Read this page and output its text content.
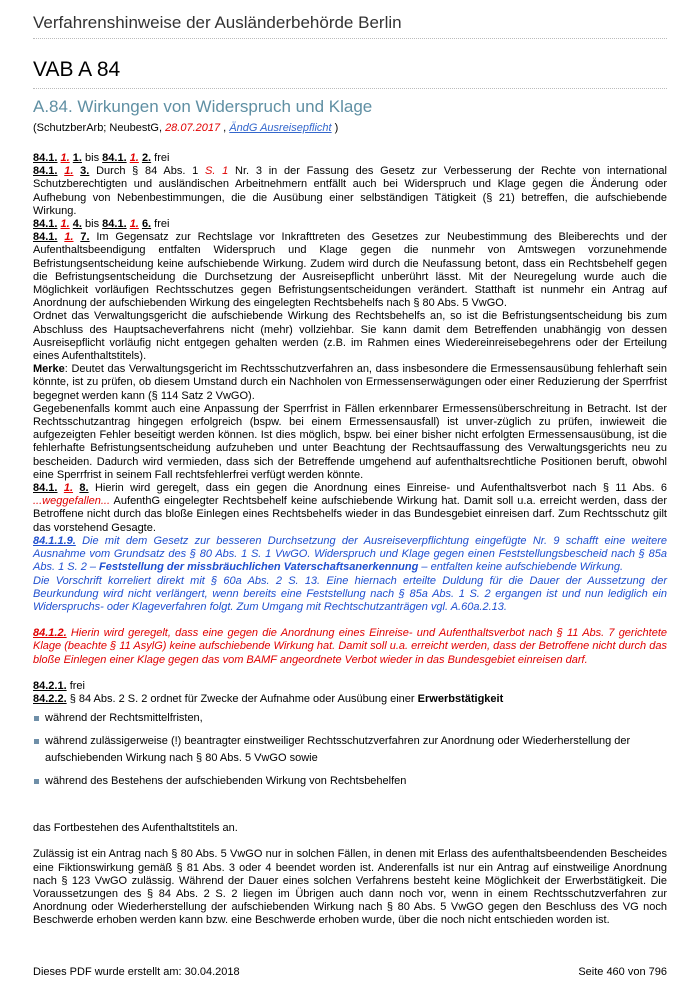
Verfahrenshinweise der Ausländerbehörde Berlin
VAB A 84
A.84. Wirkungen von Widerspruch und Klage
(SchutzberArb; NeubestG, 28.07.2017 , ÄndG Ausreisepflicht )

84.1. 1. 1. bis 84.1. 1. 2. frei

84.1. 1. 3. Durch § 84 Abs. 1 S. 1 Nr. 3 in der Fassung des Gesetz zur Verbesserung der Rechte von international Schutzberechtigten und ausländischen Arbeitnehmern entfällt auch bei Widerspruch und Klage gegen die Änderung oder Aufhebung von Nebenbestimmungen, die die Ausübung einer selbständigen Tätigkeit (§ 21) betreffen, die aufschiebende Wirkung.

84.1. 1. 4. bis 84.1. 1. 6. frei

84.1. 1. 7. Im Gegensatz zur Rechtslage vor Inkrafttreten des Gesetzes zur Neubestimmung des Bleiberechts und der Aufenthaltsbeendigung entfalten Widerspruch und Klage gegen die nunmehr von Amtswegen vorzunehmende Befristungsentscheidung keine aufschiebende Wirkung. Zudem wird durch die Neufassung betont, dass ein Rechtsbehelf gegen die Befristungsentscheidung die Durchsetzung der Ausreisepflicht unberührt lässt. Mit der Neuregelung wurde auch die Möglichkeit vorläufigen Rechtsschutzes gegen Befristungsentscheidungen verändert. Statthaft ist nunmehr ein Antrag auf Anordnung der aufschiebenden Wirkung des eingelegten Rechtsbehelfs nach § 80 Abs. 5 VwGO.

Ordnet das Verwaltungsgericht die aufschiebende Wirkung des Rechtsbehelfs an, so ist die Befristungsentscheidung bis zum Abschluss des Hauptsacheverfahrens nicht (mehr) vollziehbar. Sie kann damit dem Betreffenden unabhängig von dessen Ausreisepflicht vorläufig nicht entgegen gehalten werden (z.B. im Rahmen eines Wiedereinreisebegehrens oder der Erteilung eines Aufenthaltstitels).

Merke: Deutet das Verwaltungsgericht im Rechtsschutzverfahren an, dass insbesondere die Ermessensausübung fehlerhaft sein könnte, ist zu prüfen, ob diesem Umstand durch ein Nachholen von Ermessenserwägungen oder einer Reduzierung der Sperrfrist begegnet werden kann (§ 114 Satz 2 VwGO).

Gegebenenfalls kommt auch eine Anpassung der Sperrfrist in Fällen erkennbarer Ermessensüberschreitung in Betracht. Ist der Rechtsschutzantrag hingegen erfolgreich (bspw. bei einem Ermessensausfall) ist unver-züglich zu prüfen, inwieweit die aufgezeigten Fehler beseitigt werden können. Ist dies möglich, bspw. bei einer bisher nicht erfolgten Ermessensausübung, ist die fehlerhafte Befristungsentscheidung aufzuheben und unter Beachtung der Rechtsauffassung des Verwaltungsgerichts neu zu bescheiden. Dadurch wird vermieden, dass sich der Betreffende umgehend auf aufenthaltsrechtliche Positionen beruft, obwohl eine Sperrfrist in seinem Fall rechtsfehlerfrei verfügt werden könnte.

84.1. 1. 8. Hierin wird geregelt, dass ein gegen die Anordnung eines Einreise- und Aufenthaltsverbot nach § 11 Abs. 6 ...weggefallen... AufenthG eingelegter Rechtsbehelf keine aufschiebende Wirkung hat. Damit soll u.a. erreicht werden, dass der Betroffene nicht durch das bloße Einlegen eines Rechtsbehelfs wieder in das Bundesgebiet einreisen darf. Zum Rechtsschutz gilt das vorstehend Gesagte.

84.1.1.9. Die mit dem Gesetz zur besseren Durchsetzung der Ausreiseverpflichtung eingefügte Nr. 9 schafft eine weitere Ausnahme vom Grundsatz des § 80 Abs. 1 S. 1 VwGO. Widerspruch und Klage gegen einen Feststellungsbescheid nach § 85a Abs. 1 S. 2 – Feststellung der missbräuchlichen Vaterschaftsanerkennung – entfalten keine aufschiebende Wirkung.

Die Vorschrift korreliert direkt mit § 60a Abs. 2 S. 13. Eine hiernach erteilte Duldung für die Dauer der Aussetzung der Beurkundung wird nicht verlängert, wenn bereits eine Feststellung nach § 85a Abs. 1 S. 2 ergangen ist und nun lediglich ein Widerspruchs- oder Klageverfahren folgt. Zum Umgang mit Rechtschutzanträgen vgl. A.60a.2.13.

84.1.2. Hierin wird geregelt, dass eine gegen die Anordnung eines Einreise- und Aufenthaltsverbot nach § 11 Abs. 7 gerichtete Klage (beachte § 11 AsylG) keine aufschiebende Wirkung hat. Damit soll u.a. erreicht werden, dass der Betroffene nicht durch das bloße Einlegen einer Klage gegen das vom BAMF angeordnete Verbot wieder in das Bundesgebiet einreisen darf.

84.2.1. frei

84.2.2. § 84 Abs. 2 S. 2 ordnet für Zwecke der Aufnahme oder Ausübung einer Erwerbstätigkeit

während der Rechtsmittelfristen,
während zulässigerweise (!) beantragter einstweiliger Rechtsschutzverfahren zur Anordnung oder Wiederherstellung der aufschiebenden Wirkung nach § 80 Abs. 5 VwGO sowie
während des Bestehens der aufschiebenden Wirkung von Rechtsbehelfen

das Fortbestehen des Aufenthaltstitels an.

Zulässig ist ein Antrag nach § 80 Abs. 5 VwGO nur in solchen Fällen, in denen mit Erlass des aufenthaltsbeendenden Bescheides eine Fiktionswirkung gemäß § 81 Abs. 3 oder 4 beendet worden ist. Anderenfalls ist nur ein Antrag auf einstweilige Anordnung nach § 123 VwGO zulässig. Während der Dauer eines solchen Verfahrens besteht keine Möglichkeit der Erwerbstätigkeit. Die Voraussetzungen des § 84 Abs. 2 S. 2 liegen im Übrigen auch dann noch vor, wenn in einem Rechtsschutzverfahren zur Anordnung oder Wiederherstellung der aufschiebenden Wirkung nach § 80 Abs. 5 VwGO gegen den Beschluss des VG noch Beschwerde erhoben werden kann bzw. eine Beschwerde erhoben wurde, über die noch nicht entschieden worden ist.

Dieses PDF wurde erstellt am: 30.04.2018	Seite 460 von 796
